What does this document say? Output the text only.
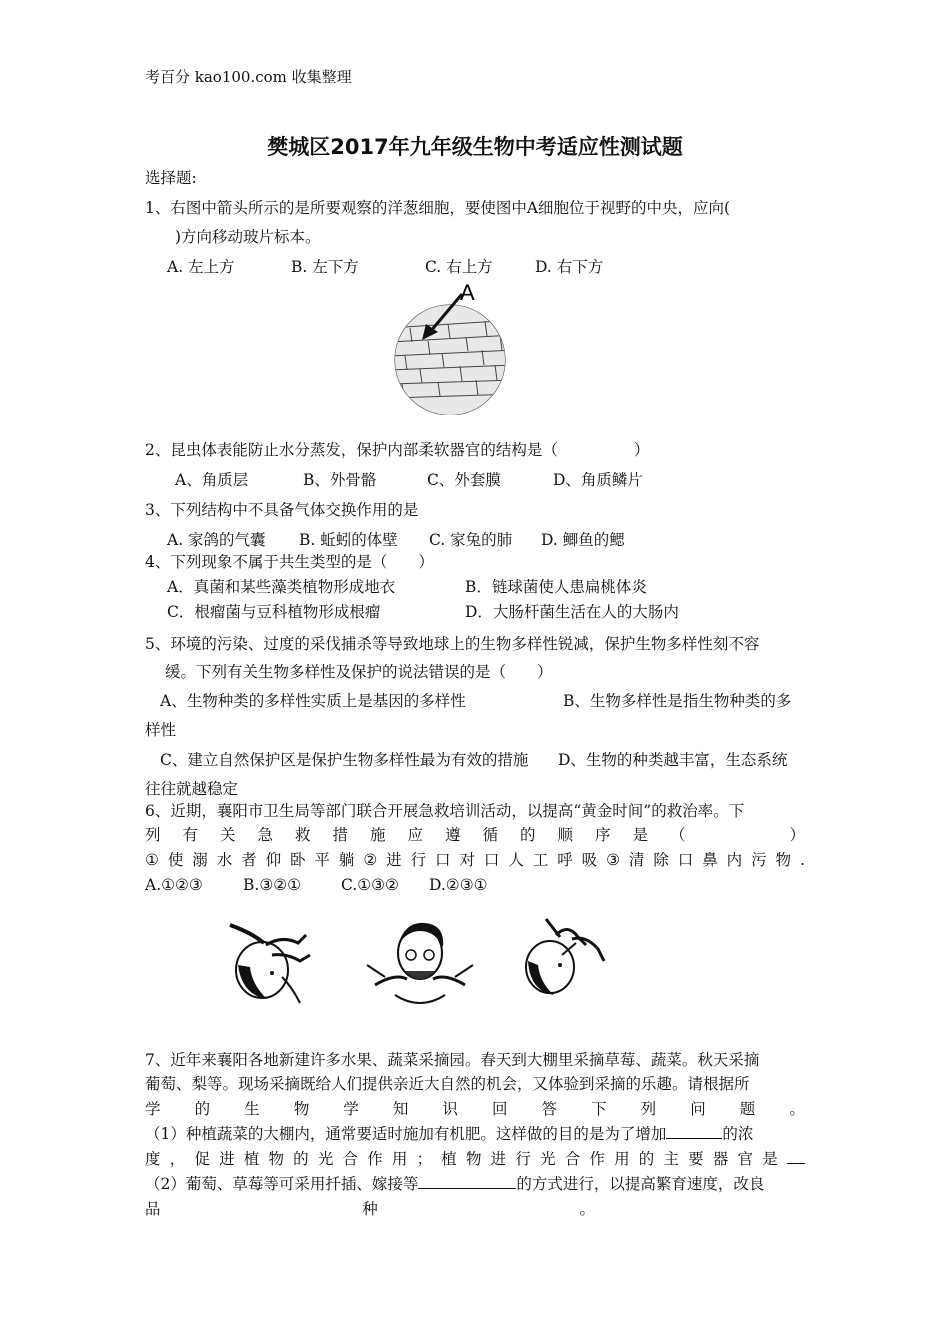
考百分 kao100.com 收集整理
樊城区2017年九年级生物中考适应性测试题
选择题:
1、右图中箭头所示的是所要观察的洋葱细胞，要使图中A细胞位于视野的中央，应向(
)方向移动玻片标本。
A. 左上方	B. 左下方	C. 右上方	D. 右下方
A
2、昆虫体表能防止水分蒸发，保护内部柔软器官的结构是（	）
A、角质层	B、外骨骼	C、外套膜	D、角质鳞片
3、下列结构中不具备气体交换作用的是
A. 家鸽的气囊 B. 蚯蚓的体壁 C. 家兔的肺 D. 鲫鱼的鳃
4、下列现象不属于共生类型的是（　　）
A．真菌和某些藻类植物形成地衣	B．链球菌使人患扁桃体炎
C．根瘤菌与豆科植物形成根瘤	D．大肠杆菌生活在人的大肠内
5、环境的污染、过度的采伐捕杀等导致地球上的生物多样性锐减，保护生物多样性刻不容
缓。下列有关生物多样性及保护的说法错误的是（　　）
A、生物种类的多样性实质上是基因的多样性	B、生物多样性是指生物种类的多
样性
C、建立自然保护区是保护生物多样性最为有效的措施 D、生物的种类越丰富，生态系统
往往就越稳定
6、近期，襄阳市卫生局等部门联合开展急救培训活动，以提高“黄金时间”的救治率。下
列 有 关 急 救 措 施 应 遵 循 的 顺 序 是 （	）
① 使 溺 水 者 仰 卧 平 躺 ② 进 行 口 对 口 人 工 呼 吸 ③ 清 除 口 鼻 内 污 物 .
A.①②③	B.③②①	C.①③② D.②③①
7、近年来襄阳各地新建许多水果、蔬菜采摘园。春天到大棚里采摘草莓、蔬菜。秋天采摘
葡萄、梨等。现场采摘既给人们提供亲近大自然的机会，又体验到采摘的乐趣。请根据所
学 的 生 物 学 知 识 回 答 下 列 问 题 。
（1）种植蔬菜的大棚内，通常要适时施加有机肥。这样做的目的是为了增加	的浓
度 ， 促 进 植 物 的 光 合 作 用 ； 植 物 进 行 光 合 作 用 的 主 要 器 官 是
（2）葡萄、草莓等可采用扦插、嫁接等	的方式进行，以提高繁育速度，改良
品	种	。
